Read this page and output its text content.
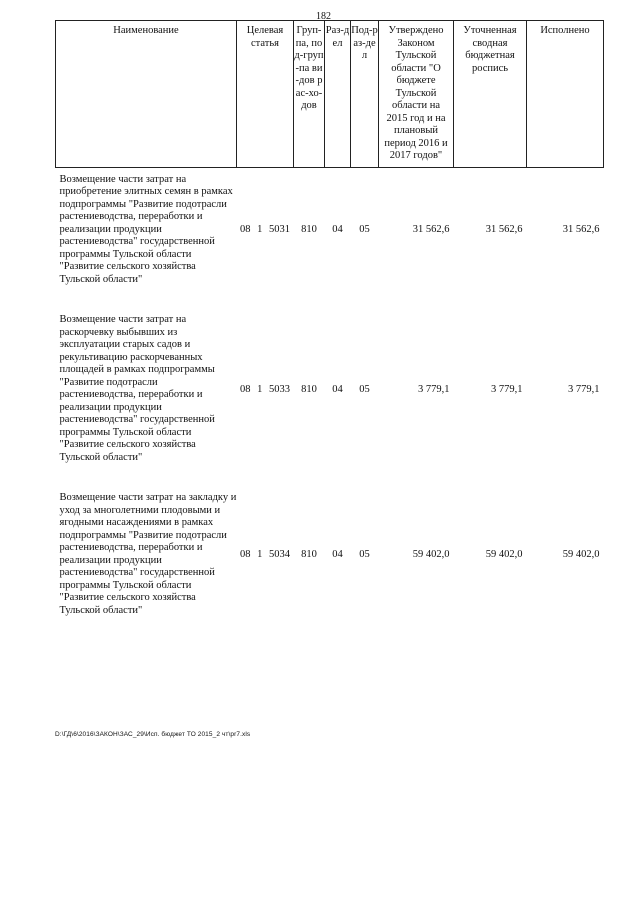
182
Наименование	Целевая статья	Груп-па, под-груп-па ви-дов рас-хо-дов	Раз-дел	Под-раз-дел	Утверждено Законом Тульской области "О бюджете Тульской области на 2015 год и на плановый период 2016 и 2017 годов"	Уточненная сводная бюджетная роспись	Исполнено
Возмещение части затрат на приобретение элитных семян в рамках подпрограммы "Развитие подотрасли растениеводства, переработки и реализации продукции растениеводства" государственной программы Тульской области "Развитие сельского хозяйства Тульской области"	08 1 5031	810	04	05	31 562,6	31 562,6	31 562,6

Возмещение части затрат на раскорчевку выбывших из эксплуатации старых садов и рекультивацию раскорчеванных площадей в рамках подпрограммы "Развитие подотрасли растениеводства, переработки и реализации продукции растениеводства" государственной программы Тульской области "Развитие сельского хозяйства Тульской области"	08 1 5033	810	04	05	3 779,1	3 779,1	3 779,1

Возмещение части затрат на закладку и уход за многолетними плодовыми и ягодными насаждениями в рамках подпрограммы "Развитие подотрасли растениеводства, переработки и реализации продукции растениеводства" государственной программы Тульской области "Развитие сельского хозяйства Тульской области"	08 1 5034	810	04	05	59 402,0	59 402,0	59 402,0
D:\ГД\6\2016\ЗАКОН\ЗАС_29\Исп. бюджет ТО 2015_2 чт\pr7.xls
